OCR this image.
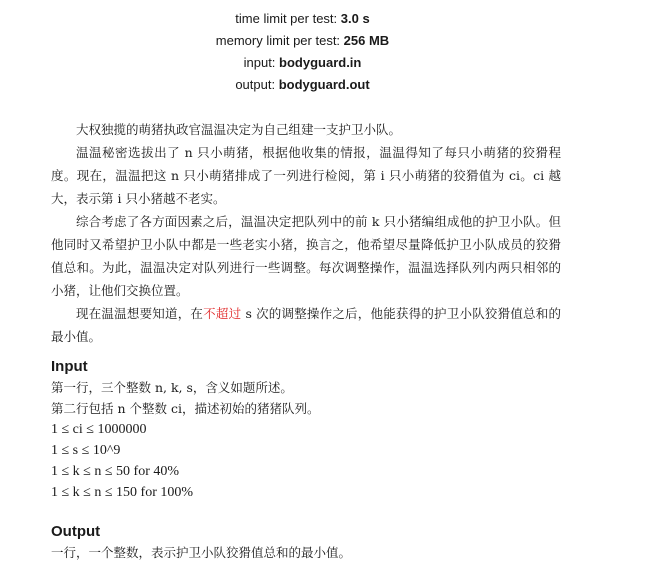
time limit per test: 3.0 s
memory limit per test: 256 MB
input: bodyguard.in
output: bodyguard.out

大权独揽的萌猪执政官温温决定为自己组建一支护卫小队。

温温秘密选拔出了 n 只小萌猪，根据他收集的情报，温温得知了每只小萌猪的狡猾程度。现在，温温把这 n 只小萌猪排成了一列进行检阅，第 i 只小萌猪的狡猾值为 ci。ci 越大，表示第 i 只小猪越不老实。

综合考虑了各方面因素之后，温温决定把队列中的前 k 只小猪编组成他的护卫小队。但他同时又希望护卫小队中都是一些老实小猪，换言之，他希望尽量降低护卫小队成员的狡猾值总和。为此，温温决定对队列进行一些调整。每次调整操作，温温选择队列内两只相邻的小猪，让他们交换位置。

现在温温想要知道，在不超过 s 次的调整操作之后，他能获得的护卫小队狡猾值总和的最小值。

Input
第一行，三个整数 n, k, s，含义如题所述。
第二行包括 n 个整数 ci，描述初始的猪猪队列。
1 ≤ ci ≤ 1000000
1 ≤ s ≤ 10^9
1 ≤ k ≤ n ≤ 50 for 40%
1 ≤ k ≤ n ≤ 150 for 100%
Output
一行，一个整数，表示护卫小队狡猾值总和的最小值。
